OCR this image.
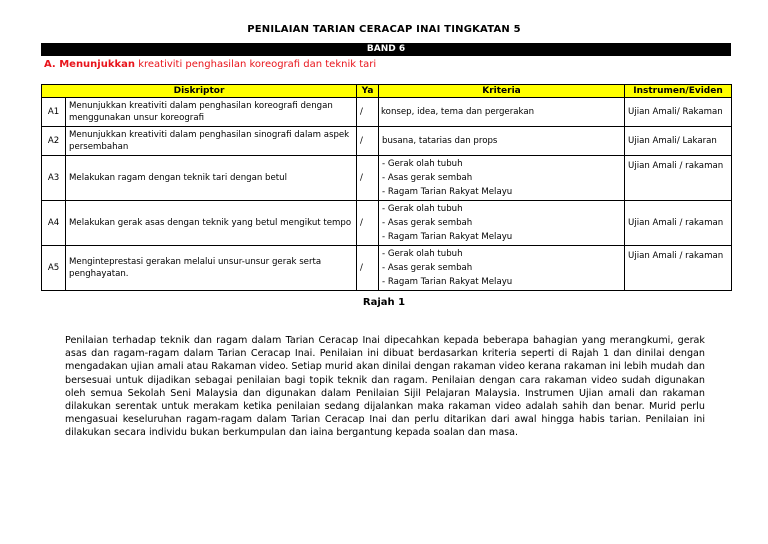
PENILAIAN TARIAN CERACAP INAI TINGKATAN 5
BAND 6
A. Menunjukkan kreativiti penghasilan koreografi dan teknik tari
Diskriptor		Ya	Kriteria	Instrumen/Eviden
A1	Menunjukkan kreativiti dalam penghasilan koreografi dengan menggunakan unsur koreografi	/	konsep, idea, tema dan pergerakan	Ujian Amali/ Rakaman
A2	Menunjukkan kreativiti dalam penghasilan sinografi dalam aspek persembahan	/	busana, tatarias dan props	Ujian Amali/ Lakaran
A3	Melakukan ragam dengan teknik tari dengan betul	/	- Gerak olah tubuh
- Asas gerak sembah
- Ragam Tarian Rakyat Melayu	Ujian Amali / rakaman
A4	Melakukan gerak asas dengan teknik yang betul mengikut tempo	/	- Gerak olah tubuh
- Asas gerak sembah
- Ragam Tarian Rakyat Melayu	Ujian Amali / rakaman
A5	Menginteprestasi gerakan melalui unsur-unsur gerak serta penghayatan.	/	- Gerak olah tubuh
- Asas gerak sembah
- Ragam Tarian Rakyat Melayu	Ujian Amali / rakaman
Rajah 1
Penilaian terhadap teknik dan ragam dalam Tarian Ceracap Inai dipecahkan kepada beberapa bahagian yang merangkumi, gerak asas dan ragam-ragam dalam Tarian Ceracap Inai. Penilaian ini dibuat berdasarkan kriteria seperti di Rajah 1 dan dinilai dengan mengadakan ujian amali atau Rakaman video. Setiap murid akan dinilai dengan rakaman video kerana rakaman ini lebih mudah dan bersesuai untuk dijadikan sebagai penilaian bagi topik teknik dan ragam. Penilaian dengan cara rakaman video sudah digunakan oleh semua Sekolah Seni Malaysia dan digunakan dalam Penilaian Sijil Pelajaran Malaysia. Instrumen Ujian amali dan rakaman dilakukan serentak untuk merakam ketika penilaian sedang dijalankan maka rakaman video adalah sahih dan benar. Murid perlu mengasuai keseluruhan ragam-ragam dalam Tarian Ceracap Inai dan perlu ditarikan dari awal hingga habis tarian. Penilaian ini dilakukan secara individu bukan berkumpulan dan iaina bergantung kepada soalan dan masa.
